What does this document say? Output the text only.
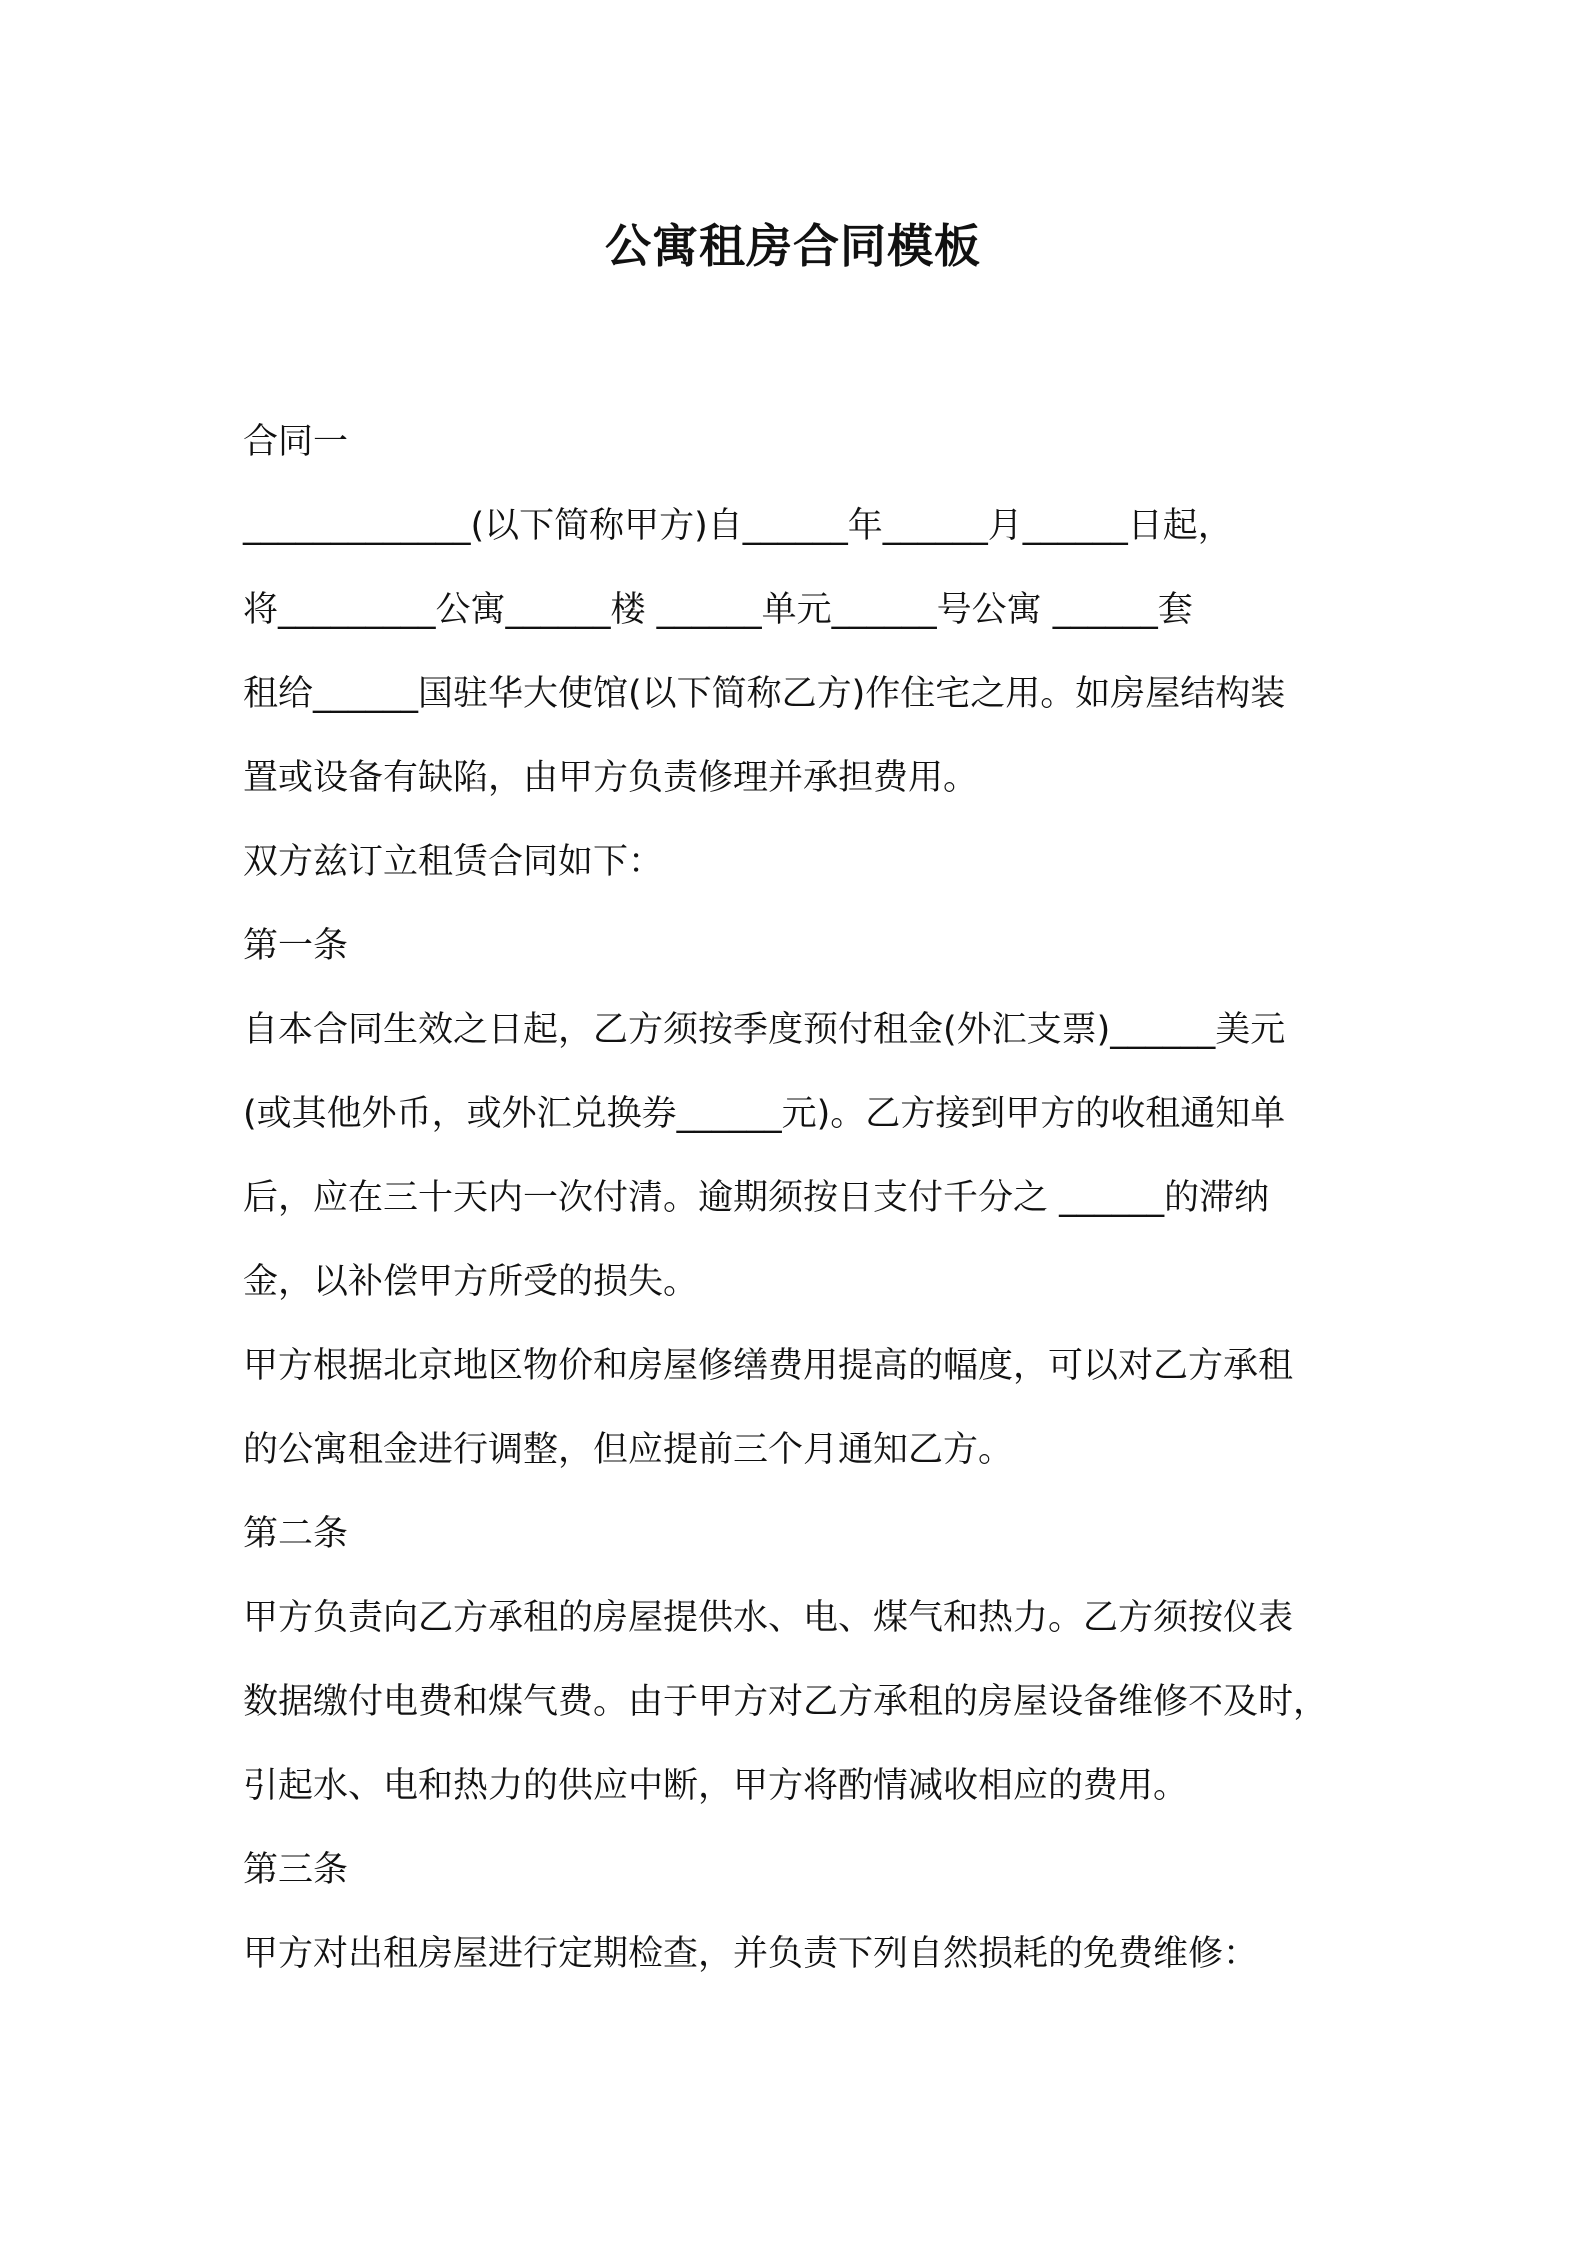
公寓租房合同模板
合同一
_____________(以下简称甲方)自______年______月______日起，
将_________公寓______楼 ______单元______号公寓 ______套
租给______国驻华大使馆(以下简称乙方)作住宅之用。如房屋结构装
置或设备有缺陷，由甲方负责修理并承担费用。
双方兹订立租赁合同如下：
第一条
自本合同生效之日起，乙方须按季度预付租金(外汇支票)______美元
(或其他外币，或外汇兑换券______元)。乙方接到甲方的收租通知单
后，应在三十天内一次付清。逾期须按日支付千分之 ______的滞纳
金，以补偿甲方所受的损失。
甲方根据北京地区物价和房屋修缮费用提高的幅度，可以对乙方承租
的公寓租金进行调整，但应提前三个月通知乙方。
第二条
甲方负责向乙方承租的房屋提供水、电、煤气和热力。乙方须按仪表
数据缴付电费和煤气费。由于甲方对乙方承租的房屋设备维修不及时，
引起水、电和热力的供应中断，甲方将酌情减收相应的费用。
第三条
甲方对出租房屋进行定期检查，并负责下列自然损耗的免费维修：
